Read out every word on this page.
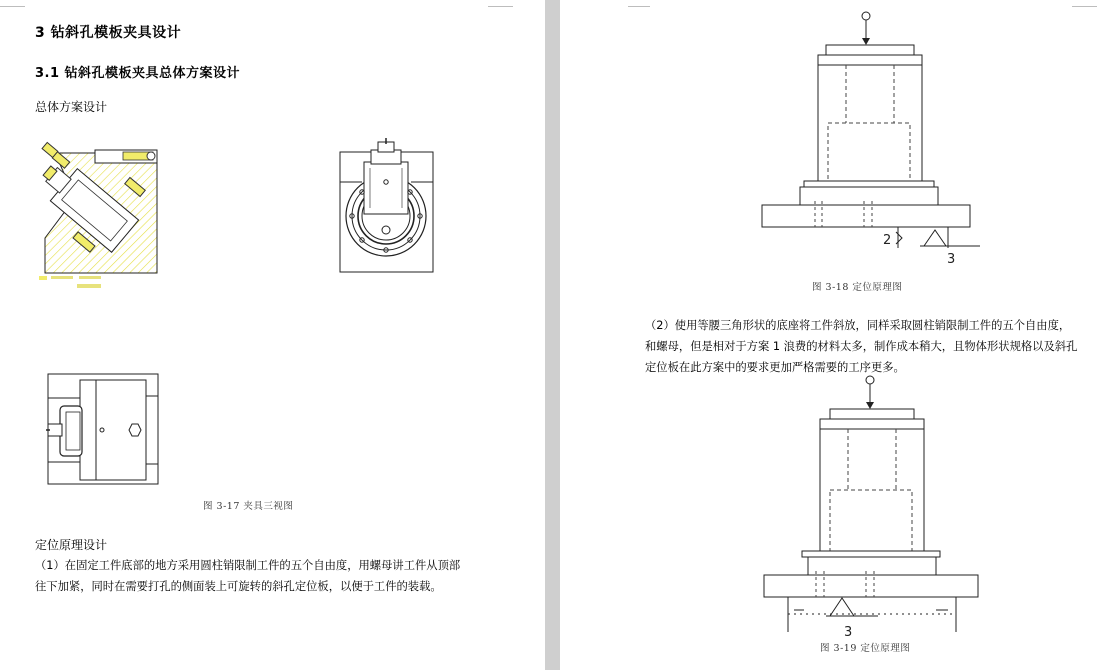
3 钻斜孔模板夹具设计
3.1 钻斜孔模板夹具总体方案设计
总体方案设计
图 3-17 夹具三视图
定位原理设计
（1）在固定工件底部的地方采用圆柱销限制工件的五个自由度，用螺母讲工件从顶部
往下加紧，同时在需要打孔的侧面装上可旋转的斜孔定位板，以便于工件的装载。
2
3
图 3-18 定位原理图
（2）使用等腰三角形状的底座将工件斜放，同样采取圆柱销限制工件的五个自由度，
和螺母，但是相对于方案 1 浪费的材料太多，制作成本稍大，且物体形状规格以及斜孔
定位板在此方案中的要求更加严格需要的工序更多。
3
图 3-19 定位原理图
